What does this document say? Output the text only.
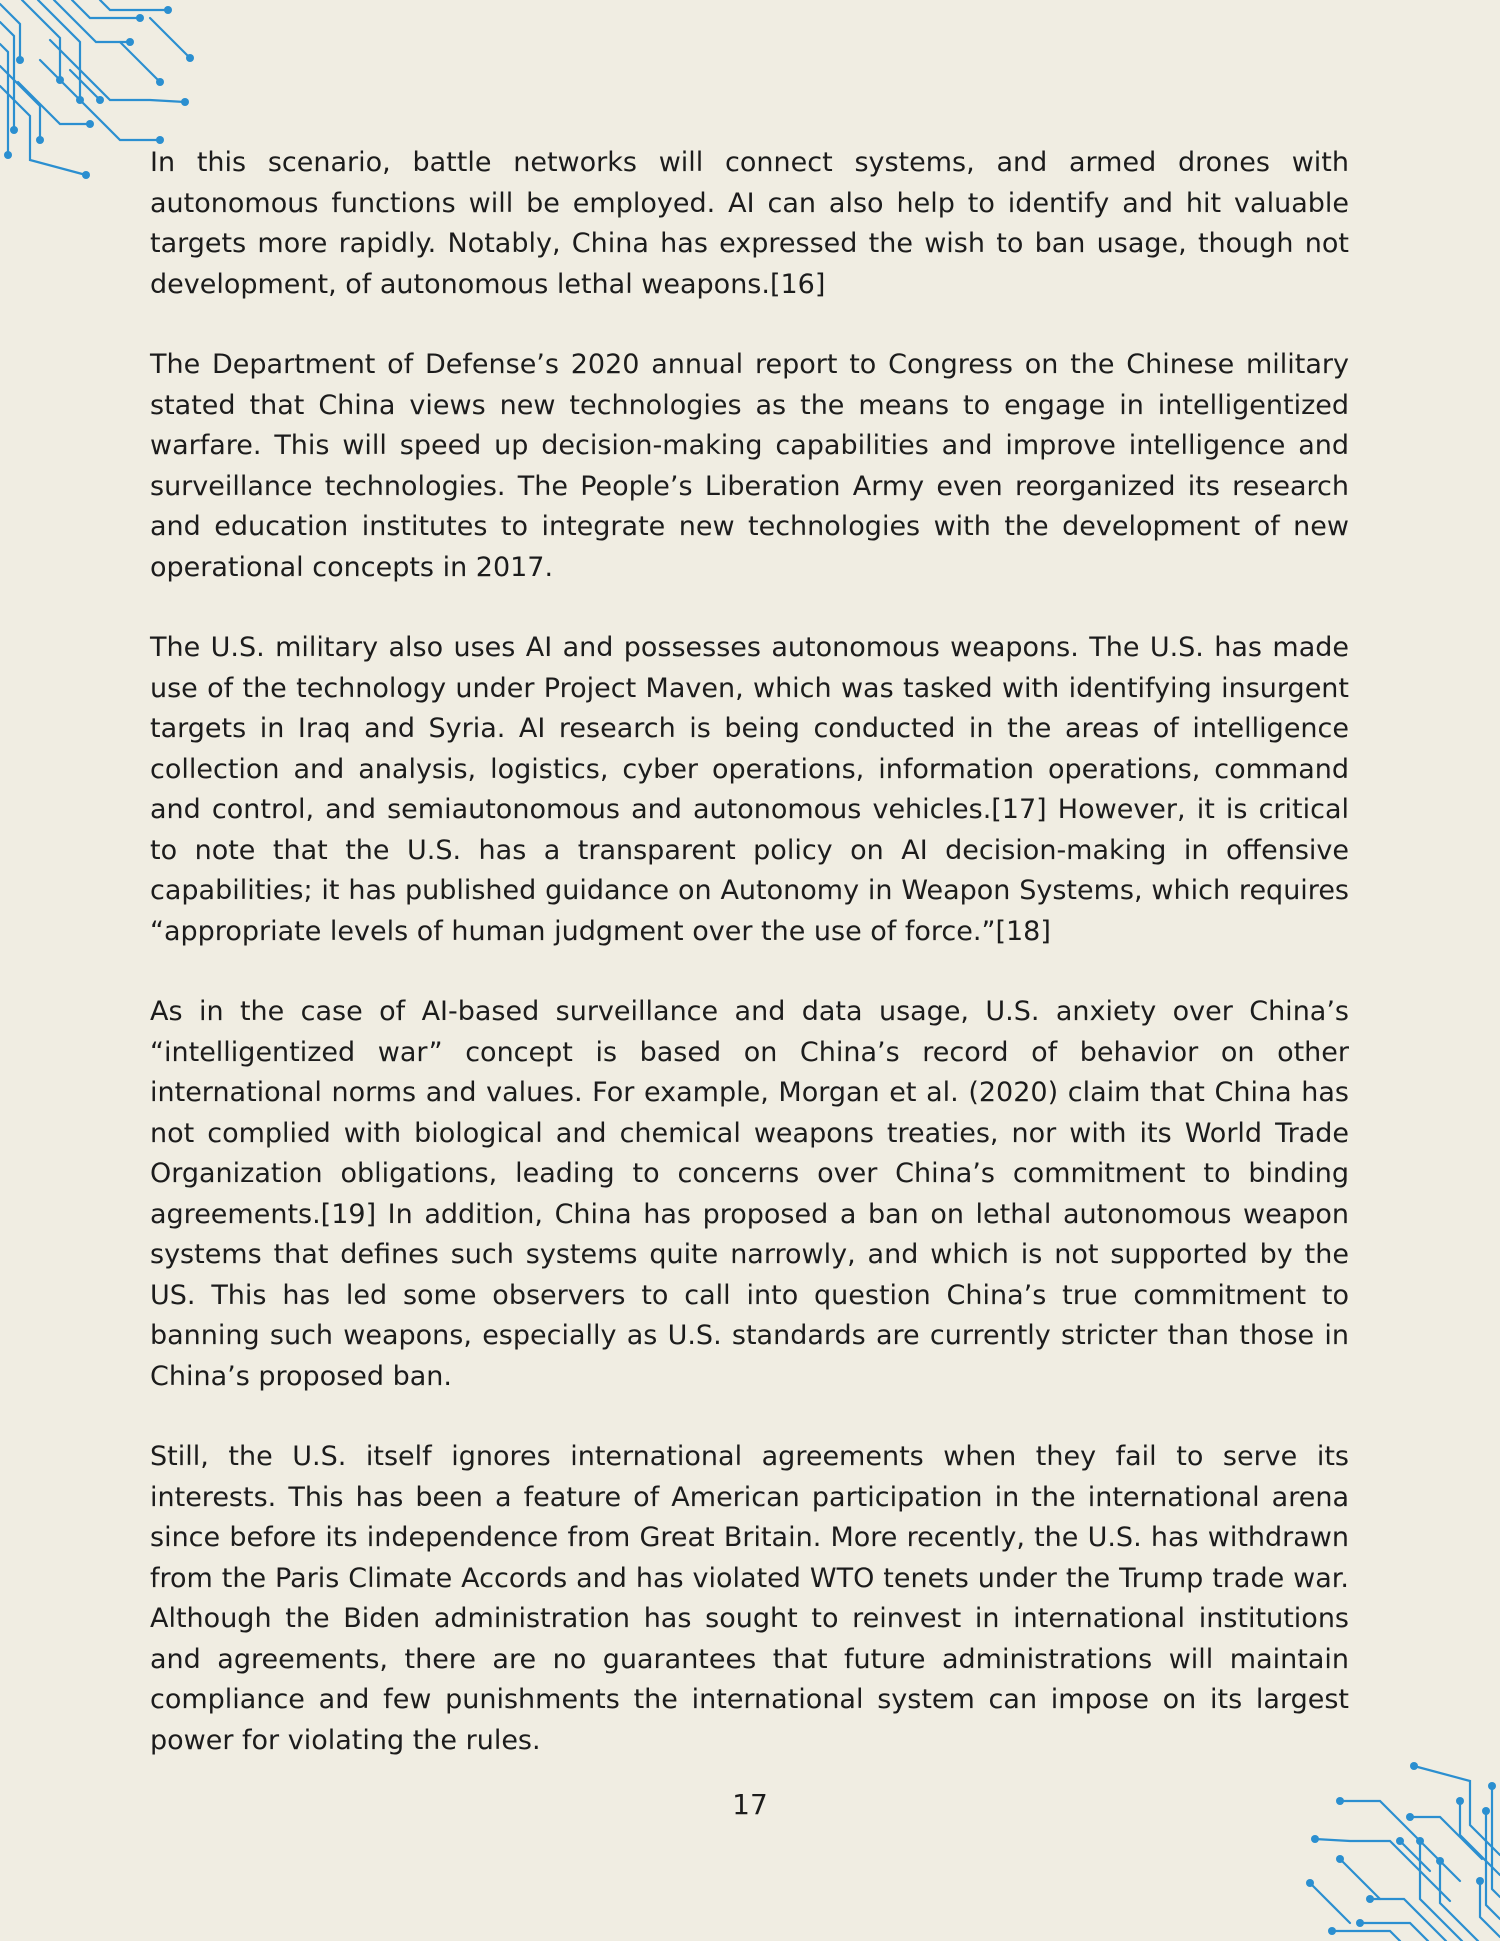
In this scenario, battle networks will connect systems, and armed drones with autonomous functions will be employed. AI can also help to identify and hit valuable targets more rapidly. Notably, China has expressed the wish to ban usage, though not development, of autonomous lethal weapons.[16]

The Department of Defense’s 2020 annual report to Congress on the Chinese military stated that China views new technologies as the means to engage in intelligentized warfare. This will speed up decision-making capabilities and improve intelligence and surveillance technologies. The People’s Liberation Army even reorganized its research and education institutes to integrate new technologies with the development of new operational concepts in 2017.

The U.S. military also uses AI and possesses autonomous weapons. The U.S. has made use of the technology under Project Maven, which was tasked with identifying insurgent targets in Iraq and Syria. AI research is being conducted in the areas of intelligence collection and analysis, logistics, cyber operations, information operations, command and control, and semiautonomous and autonomous vehicles.[17] However, it is critical to note that the U.S. has a transparent policy on AI decision-making in offensive capabilities; it has published guidance on Autonomy in Weapon Systems, which requires “appropriate levels of human judgment over the use of force.”[18]

As in the case of AI-based surveillance and data usage, U.S. anxiety over China’s “intelligentized war” concept is based on China’s record of behavior on other international norms and values. For example, Morgan et al. (2020) claim that China has not complied with biological and chemical weapons treaties, nor with its World Trade Organization obligations, leading to concerns over China’s commitment to binding agreements.[19] In addition, China has proposed a ban on lethal autonomous weapon systems that defines such systems quite narrowly, and which is not supported by the US. This has led some observers to call into question China’s true commitment to banning such weapons, especially as U.S. standards are currently stricter than those in China’s proposed ban.

Still, the U.S. itself ignores international agreements when they fail to serve its interests. This has been a feature of American participation in the international arena since before its independence from Great Britain. More recently, the U.S. has withdrawn from the Paris Climate Accords and has violated WTO tenets under the Trump trade war. Although the Biden administration has sought to reinvest in international institutions and agreements, there are no guarantees that future administrations will maintain compliance and few punishments the international system can impose on its largest power for violating the rules.

17
